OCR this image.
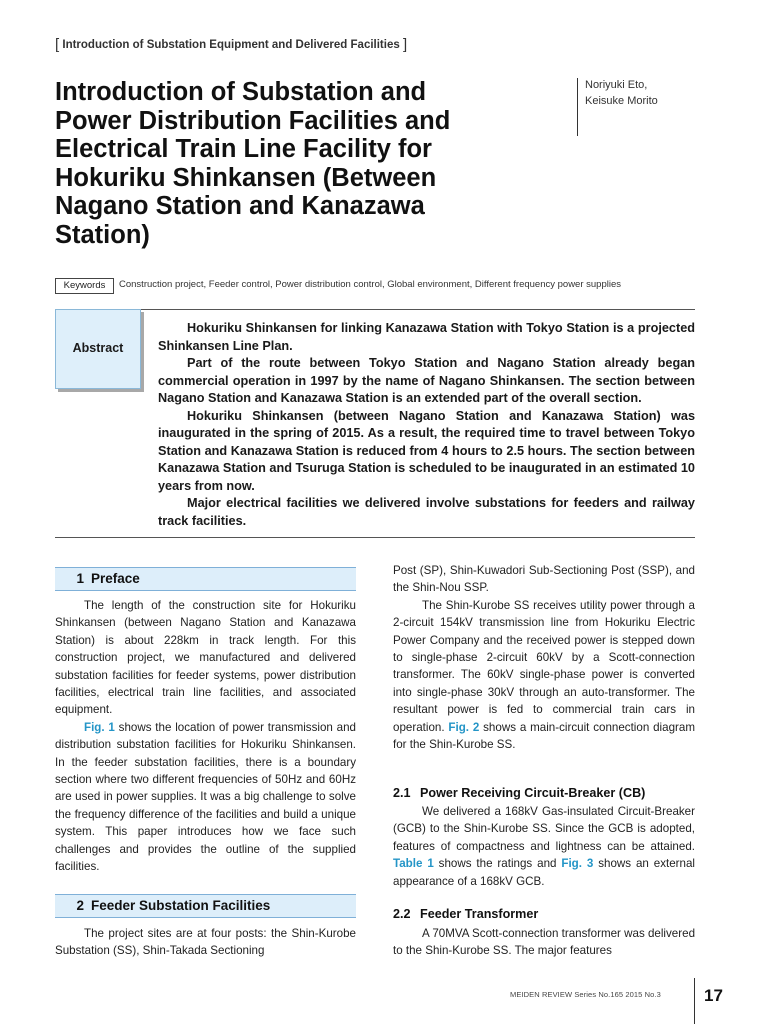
[ Introduction of Substation Equipment and Delivered Facilities ]
Introduction of Substation and
Power Distribution Facilities and
Electrical Train Line Facility for
Hokuriku Shinkansen (Between
Nagano Station and Kanazawa
Station)
Noriyuki Eto,
Keisuke Morito
Keywords	Construction project, Feeder control, Power distribution control, Global environment, Different frequency power supplies
Abstract

Hokuriku Shinkansen for linking Kanazawa Station with Tokyo Station is a projected Shinkansen Line Plan.

Part of the route between Tokyo Station and Nagano Station already began commercial operation in 1997 by the name of Nagano Shinkansen. The section between Nagano Station and Kanazawa Station is an extended part of the overall section.

Hokuriku Shinkansen (between Nagano Station and Kanazawa Station) was inaugurated in the spring of 2015. As a result, the required time to travel between Tokyo Station and Kanazawa Station is reduced from 4 hours to 2.5 hours. The section between Kanazawa Station and Tsuruga Station is scheduled to be inaugurated in an estimated 10 years from now.

Major electrical facilities we delivered involve substations for feeders and railway track facilities.

1 Preface

The length of the construction site for Hokuriku Shinkansen (between Nagano Station and Kanazawa Station) is about 228km in track length. For this construction project, we manufactured and delivered substation facilities for feeder systems, power distribution facilities, electrical train line facilities, and associated equipment.

Fig. 1 shows the location of power transmission and distribution substation facilities for Hokuriku Shinkansen. In the feeder substation facilities, there is a boundary section where two different frequencies of 50Hz and 60Hz are used in power supplies. It was a big challenge to solve the frequency difference of the facilities and build a unique system. This paper introduces how we face such challenges and provides the outline of the supplied facilities.

2 Feeder Substation Facilities

The project sites are at four posts: the Shin-Kurobe Substation (SS), Shin-Takada Sectioning

Post (SP), Shin-Kuwadori Sub-Sectioning Post (SSP), and the Shin-Nou SSP.

The Shin-Kurobe SS receives utility power through a 2-circuit 154kV transmission line from Hokuriku Electric Power Company and the received power is stepped down to single-phase 2-circuit 60kV by a Scott-connection transformer. The 60kV single-phase power is converted into single-phase 30kV through an auto-transformer. The resultant power is fed to commercial train cars in operation. Fig. 2 shows a main-circuit connection diagram for the Shin-Kurobe SS.

2.1 Power Receiving Circuit-Breaker (CB)

We delivered a 168kV Gas-insulated Circuit-Breaker (GCB) to the Shin-Kurobe SS. Since the GCB is adopted, features of compactness and lightness can be attained. Table 1 shows the ratings and Fig. 3 shows an external appearance of a 168kV GCB.

2.2 Feeder Transformer

A 70MVA Scott-connection transformer was delivered to the Shin-Kurobe SS. The major features

MEIDEN REVIEW Series No.165 2015 No.3	17
